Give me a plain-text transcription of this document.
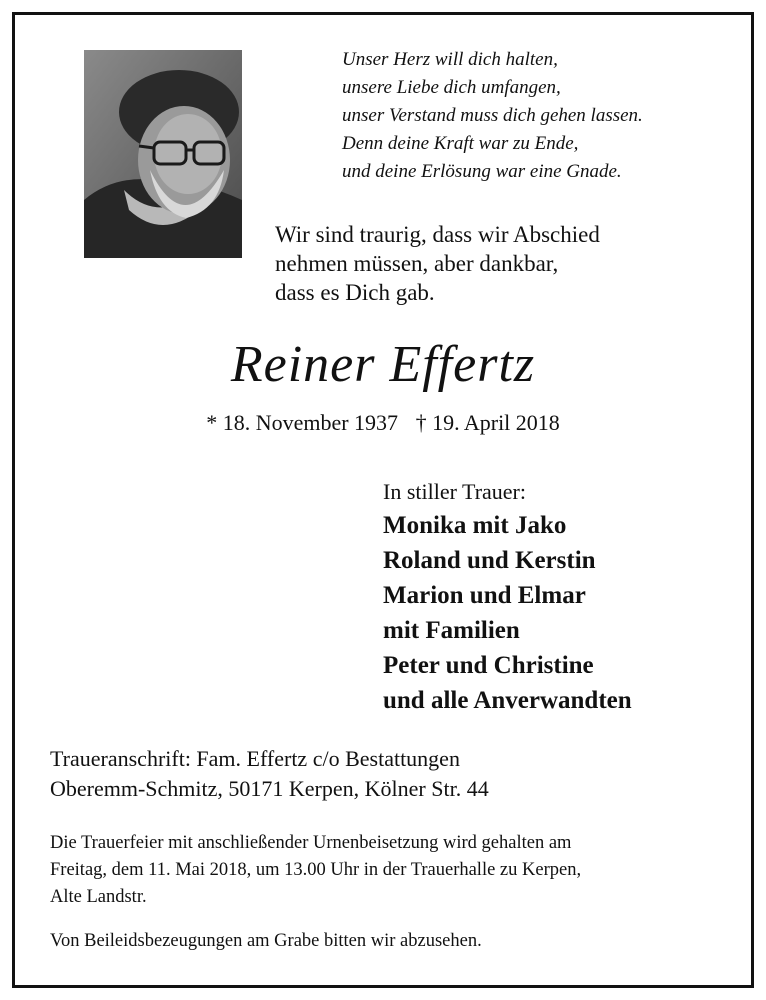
Unser Herz will dich halten,
unsere Liebe dich umfangen,
unser Verstand muss dich gehen lassen.
Denn deine Kraft war zu Ende,
und deine Erlösung war eine Gnade.
Wir sind traurig, dass wir Abschied
nehmen müssen, aber dankbar,
dass es Dich gab.
Reiner Effertz
* 18. November 1937 † 19. April 2018
In stiller Trauer:
Monika mit Jako
Roland und Kerstin
Marion und Elmar
mit Familien
Peter und Christine
und alle Anverwandten
Traueranschrift: Fam. Effertz c/o Bestattungen
Oberemm-Schmitz, 50171 Kerpen, Kölner Str. 44
Die Trauerfeier mit anschließender Urnenbeisetzung wird gehalten am
Freitag, dem 11. Mai 2018, um 13.00 Uhr in der Trauerhalle zu Kerpen,
Alte Landstr.
Von Beileidsbezeugungen am Grabe bitten wir abzusehen.
